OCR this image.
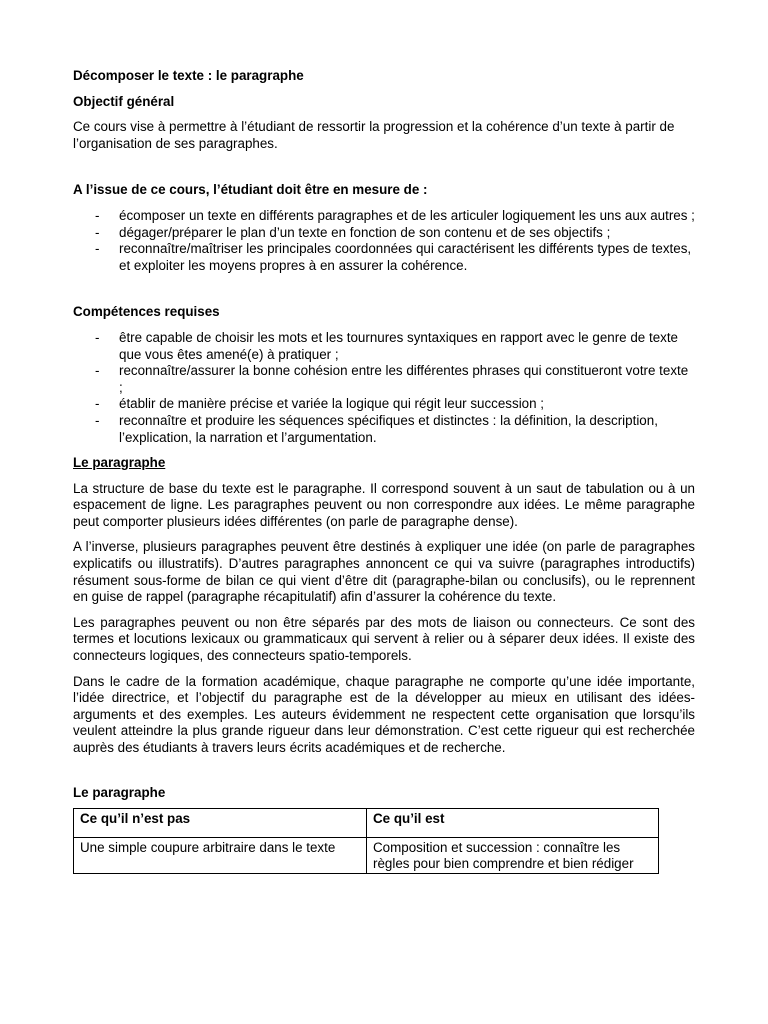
Décomposer le texte : le paragraphe

Objectif général

Ce cours vise à permettre à l’étudiant de ressortir la progression et la cohérence d’un texte à partir de l’organisation de ses paragraphes.

A l’issue de ce cours, l’étudiant doit être en mesure de :

- écomposer un texte en différents paragraphes et de les articuler logiquement les uns aux autres ;
- dégager/préparer le plan d’un texte en fonction de son contenu et de ses objectifs ;
- reconnaître/maîtriser les principales coordonnées qui caractérisent les différents types de textes, et exploiter les moyens propres à en assurer la cohérence.

Compétences requises

- être capable de choisir les mots et les tournures syntaxiques en rapport avec le genre de texte que vous êtes amené(e) à pratiquer ;
- reconnaître/assurer la bonne cohésion entre les différentes phrases qui constitueront votre texte ;
- établir de manière précise et variée la logique qui régit leur succession ;
- reconnaître et produire les séquences spécifiques et distinctes : la définition, la description, l’explication, la narration et l’argumentation.

Le paragraphe

La structure de base du texte est le paragraphe. Il correspond souvent à un saut de tabulation ou à un espacement de ligne. Les paragraphes peuvent ou non correspondre aux idées. Le même paragraphe peut comporter plusieurs idées différentes (on parle de paragraphe dense).

A l’inverse, plusieurs paragraphes peuvent être destinés à expliquer une idée (on parle de paragraphes explicatifs ou illustratifs). D’autres paragraphes annoncent ce qui va suivre (paragraphes introductifs) résument sous-forme de bilan ce qui vient d’être dit (paragraphe-bilan ou conclusifs), ou le reprennent en guise de rappel (paragraphe récapitulatif) afin d’assurer la cohérence du texte.

Les paragraphes peuvent ou non être séparés par des mots de liaison ou connecteurs. Ce sont des termes et locutions lexicaux ou grammaticaux qui servent à relier ou à séparer deux idées. Il existe des connecteurs logiques, des connecteurs spatio-temporels.

Dans le cadre de la formation académique, chaque paragraphe ne comporte qu’une idée importante, l’idée directrice, et l’objectif du paragraphe est de la développer au mieux en utilisant des idées-arguments et des exemples. Les auteurs évidemment ne respectent cette organisation que lorsqu’ils veulent atteindre la plus grande rigueur dans leur démonstration. C’est cette rigueur qui est recherchée auprès des étudiants à travers leurs écrits académiques et de recherche.

Le paragraphe

Ce qu’il n’est pas	Ce qu’il est
Une simple coupure arbitraire dans le texte	Composition et succession : connaître les règles pour bien comprendre et bien rédiger
